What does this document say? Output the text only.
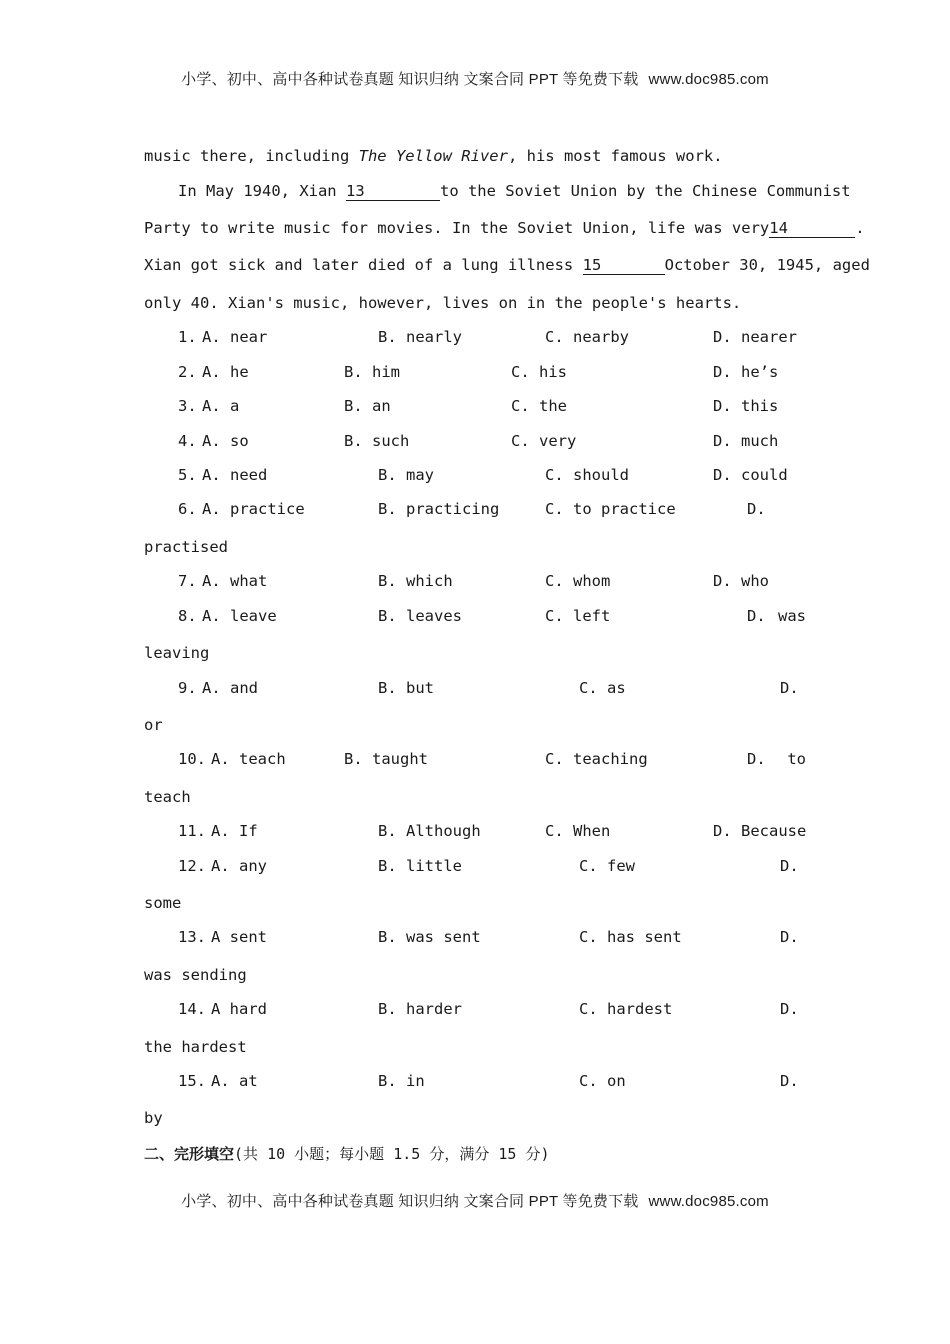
小学、初中、高中各种试卷真题 知识归纳 文案合同 PPT 等免费下载 www.doc985.com
music there, including The Yellow River, his most famous work.
In May 1940, Xian 13	to the Soviet Union by the Chinese Communist
Party to write music for movies. In the Soviet Union, life was very14	.
Xian got sick and later died of a lung illness 15	October 30, 1945, aged
only 40. Xian's music, however, lives on in the people's hearts.
1. A. near	B. nearly	C. nearby	D. nearer
2. A. he	B. him	C. his	D. he’s
3. A. a	B. an	C. the	D. this
4. A. so	B. such	C. very	D. much
5. A. need	B. may	C. should	D. could
6. A. practice	B. practicing	C. to practice	D.
practised
7. A. what	B. which	C. whom	D. who
8. A. leave	B. leaves	C. left	D. was
leaving
9. A. and	B. but	C. as	D.
or
10. A. teach	B. taught	C. teaching	D. to
teach
11. A. If	B. Although	C. When	D. Because
12. A. any	B. little	C. few	D.
some
13. A sent	B. was sent	C. has sent	D.
was sending
14. A hard	B. harder	C. hardest	D.
the hardest
15. A. at	B. in	C. on	D.
by
二、完形填空(共 10 小题；每小题 1.5 分，满分 15 分)
小学、初中、高中各种试卷真题 知识归纳 文案合同 PPT 等免费下载 www.doc985.com
